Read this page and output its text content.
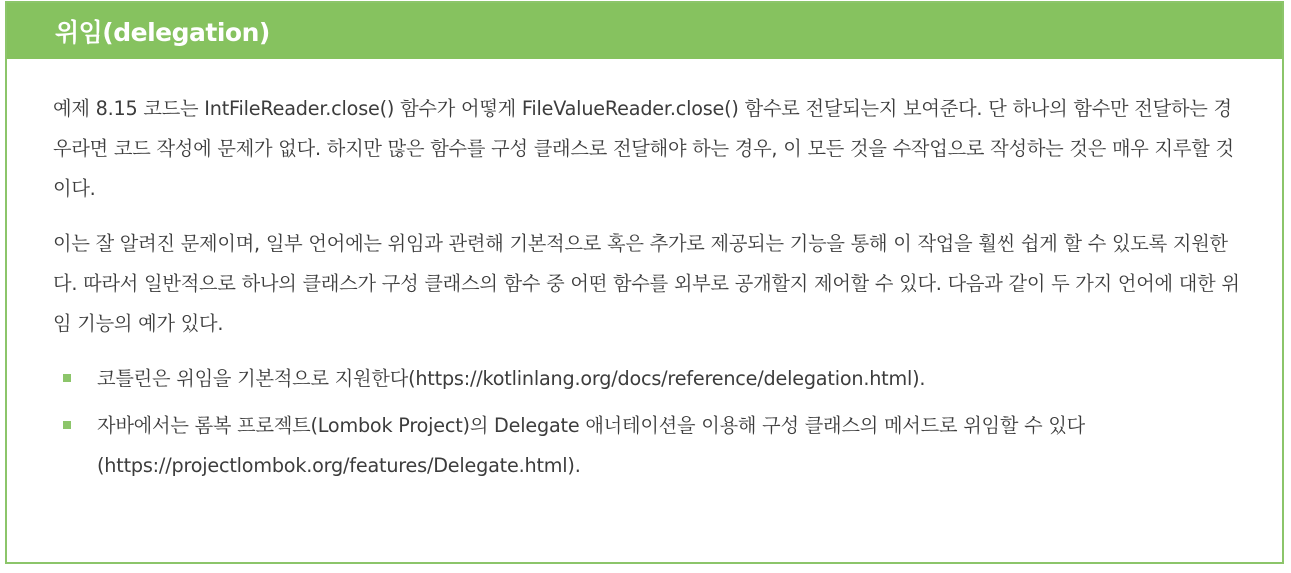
위임(delegation)

예제 8.15 코드는 IntFileReader.close() 함수가 어떻게 FileValueReader.close() 함수로 전달되는지 보여준다. 단 하나의 함수만 전달하는 경우라면 코드 작성에 문제가 없다. 하지만 많은 함수를 구성 클래스로 전달해야 하는 경우, 이 모든 것을 수작업으로 작성하는 것은 매우 지루할 것이다.

이는 잘 알려진 문제이며, 일부 언어에는 위임과 관련해 기본적으로 혹은 추가로 제공되는 기능을 통해 이 작업을 훨씬 쉽게 할 수 있도록 지원한다. 따라서 일반적으로 하나의 클래스가 구성 클래스의 함수 중 어떤 함수를 외부로 공개할지 제어할 수 있다. 다음과 같이 두 가지 언어에 대한 위임 기능의 예가 있다.

코틀린은 위임을 기본적으로 지원한다(https://kotlinlang.org/docs/reference/delegation.html).
자바에서는 롬복 프로젝트(Lombok Project)의 Delegate 애너테이션을 이용해 구성 클래스의 메서드로 위임할 수 있다(https://projectlombok.org/features/Delegate.html).
